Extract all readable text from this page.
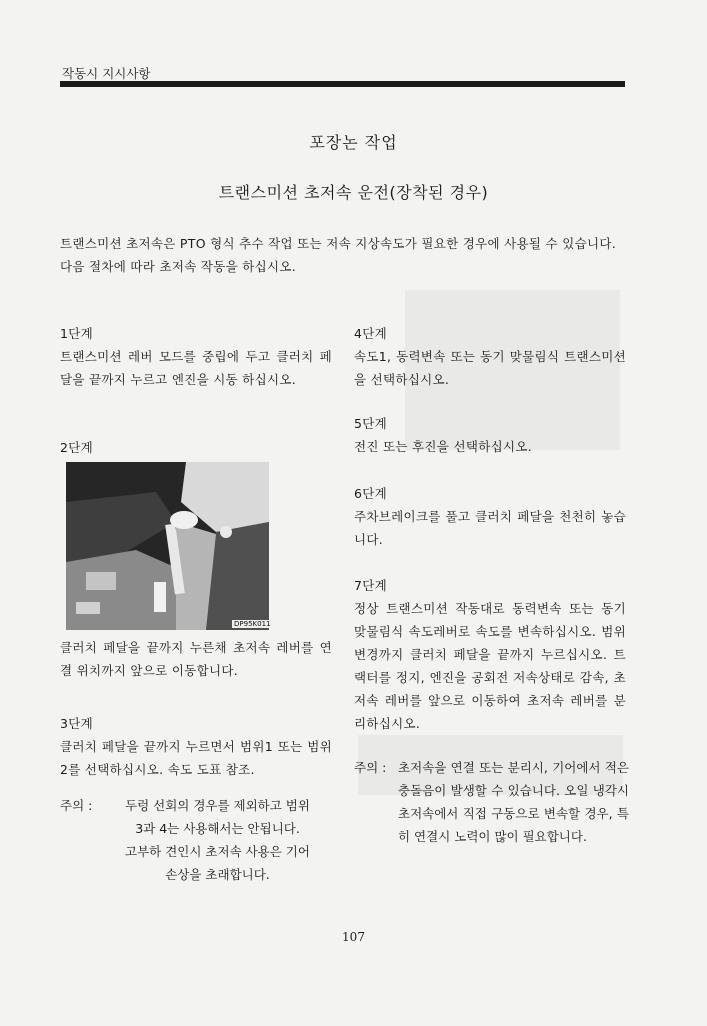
작동시 지시사항
포장논 작업
트랜스미션 초저속 운전(장착된 경우)

트랜스미션 초저속은 PTO 형식 추수 작업 또는 저속 지상속도가 필요한 경우에 사용될 수 있습니다.

다음 절차에 따라 초저속 작동을 하십시오.

1단계

트랜스미션 레버 모드를 중립에 두고 클러치 페달을 끝까지 누르고 엔진을 시동 하십시오.

2단계

DP95K011

클러치 페달을 끝까지 누른채 초저속 레버를 연결 위치까지 앞으로 이동합니다.

3단계

클러치 페달을 끝까지 누르면서 범위1 또는 범위2를 선택하십시오. 속도 도표 참조.

주의 :	두렁 선회의 경우를 제외하고 범위
3과 4는 사용해서는 안됩니다.
고부하 견인시 초저속 사용은 기어
손상을 초래합니다.

4단계

속도1, 동력변속 또는 동기 맞물림식 트랜스미션을 선택하십시오.

5단계

전진 또는 후진을 선택하십시오.

6단계

주차브레이크를 풀고 클러치 페달을 천천히 놓습니다.

7단계

정상 트랜스미션 작동대로 동력변속 또는 동기 맞물림식 속도레버로 속도를 변속하십시오. 범위 변경까지 클러치 페달을 끝까지 누르십시오. 트랙터를 정지, 엔진을 공회전 저속상태로 감속, 초저속 레버를 앞으로 이동하여 초저속 레버를 분리하십시오.

주의 : 초저속을 연결 또는 분리시, 기어에서 적은 충돌음이 발생할 수 있습니다. 오일 냉각시 초저속에서 직접 구동으로 변속할 경우, 특히 연결시 노력이 많이 필요합니다.
107
